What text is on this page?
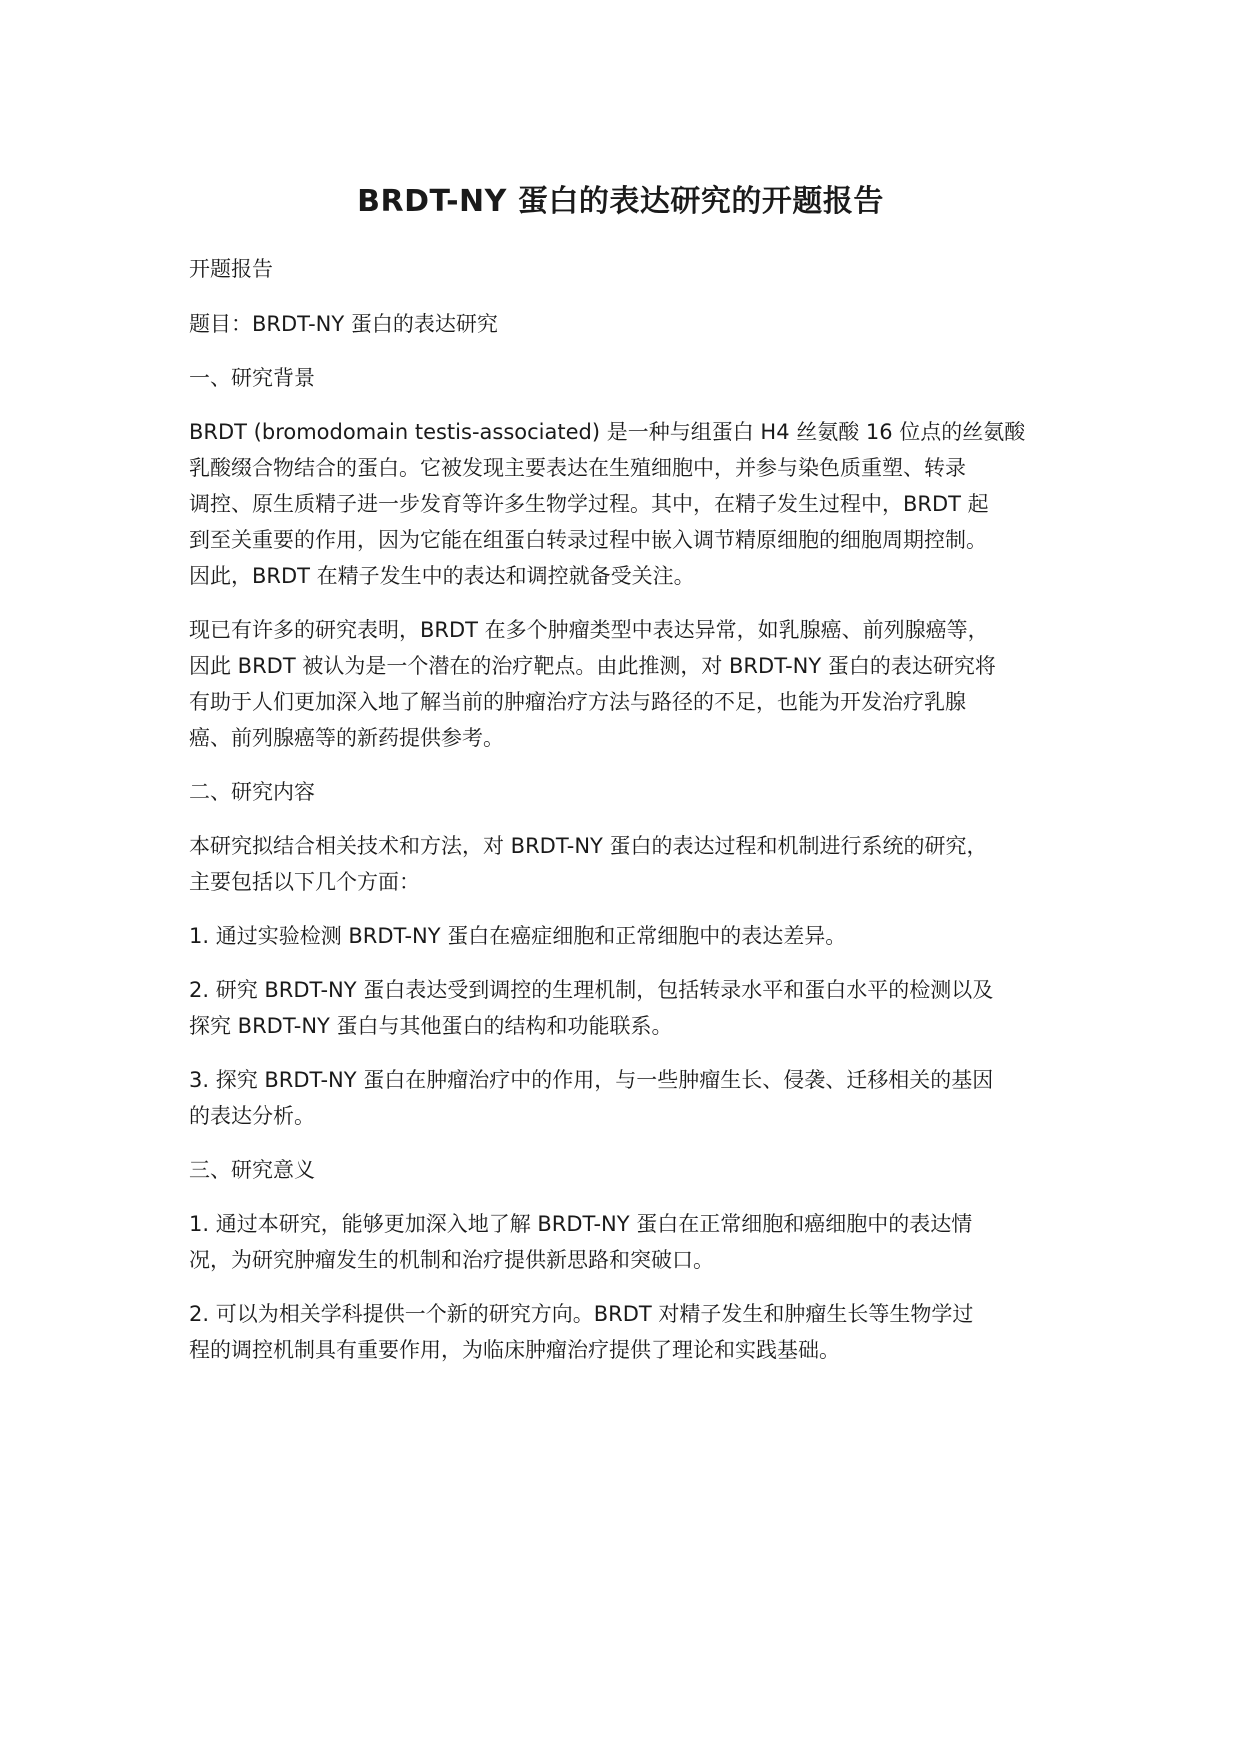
BRDT-NY 蛋白的表达研究的开题报告

开题报告

题目：BRDT-NY 蛋白的表达研究

一、研究背景

BRDT (bromodomain testis-associated) 是一种与组蛋白 H4 丝氨酸 16 位点的丝氨酸

乳酸缀合物结合的蛋白。它被发现主要表达在生殖细胞中，并参与染色质重塑、转录

调控、原生质精子进一步发育等许多生物学过程。其中，在精子发生过程中，BRDT 起

到至关重要的作用，因为它能在组蛋白转录过程中嵌入调节精原细胞的细胞周期控制。

因此，BRDT 在精子发生中的表达和调控就备受关注。

现已有许多的研究表明，BRDT 在多个肿瘤类型中表达异常，如乳腺癌、前列腺癌等，

因此 BRDT 被认为是一个潜在的治疗靶点。由此推测，对 BRDT-NY 蛋白的表达研究将

有助于人们更加深入地了解当前的肿瘤治疗方法与路径的不足，也能为开发治疗乳腺

癌、前列腺癌等的新药提供参考。

二、研究内容

本研究拟结合相关技术和方法，对 BRDT-NY 蛋白的表达过程和机制进行系统的研究，

主要包括以下几个方面：

1. 通过实验检测 BRDT-NY 蛋白在癌症细胞和正常细胞中的表达差异。

2. 研究 BRDT-NY 蛋白表达受到调控的生理机制，包括转录水平和蛋白水平的检测以及

探究 BRDT-NY 蛋白与其他蛋白的结构和功能联系。

3. 探究 BRDT-NY 蛋白在肿瘤治疗中的作用，与一些肿瘤生长、侵袭、迁移相关的基因

的表达分析。

三、研究意义

1. 通过本研究，能够更加深入地了解 BRDT-NY 蛋白在正常细胞和癌细胞中的表达情

况，为研究肿瘤发生的机制和治疗提供新思路和突破口。

2. 可以为相关学科提供一个新的研究方向。BRDT 对精子发生和肿瘤生长等生物学过

程的调控机制具有重要作用，为临床肿瘤治疗提供了理论和实践基础。
